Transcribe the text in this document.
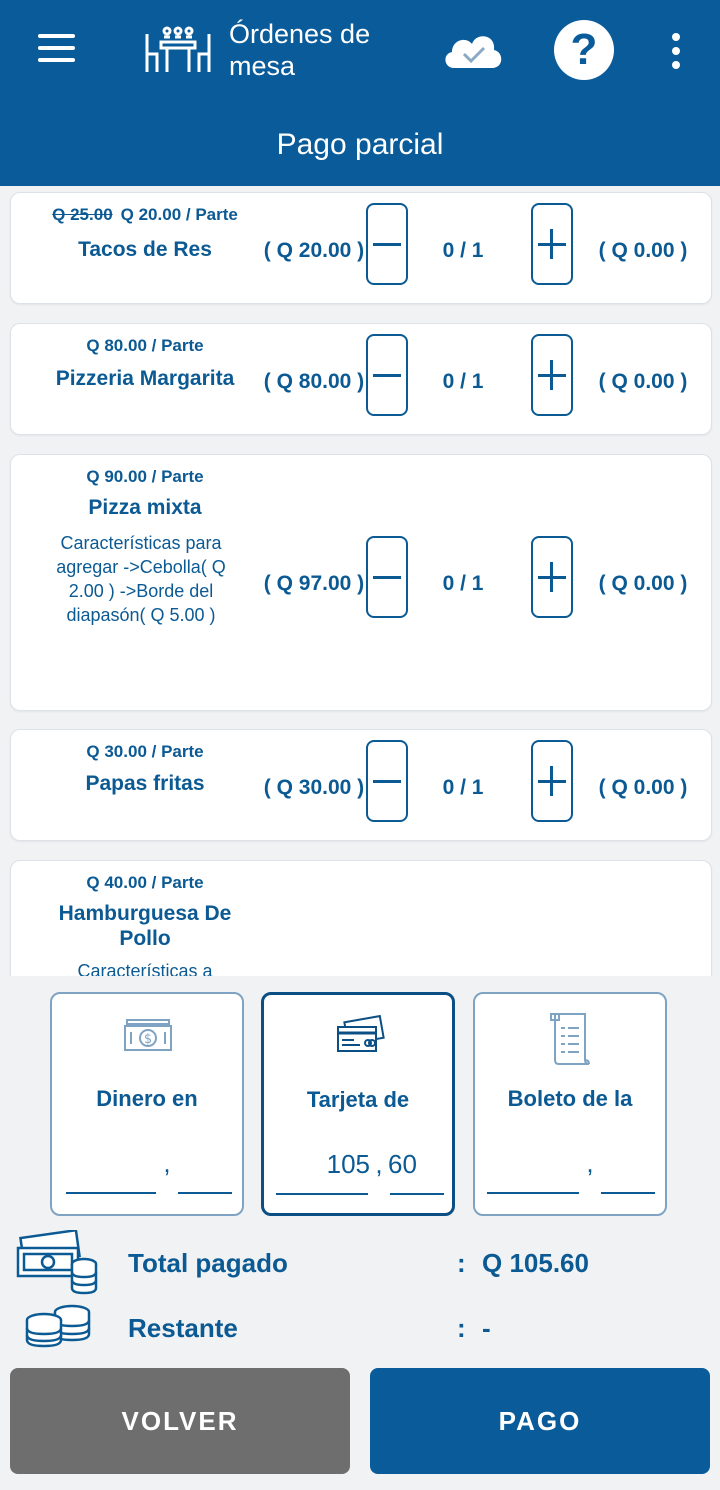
Órdenes de mesa	?
Pago parcial
Q 25.00 Q 20.00 / Parte
Tacos de Res	( Q 20.00 )	0 / 1	( Q 0.00 )
Q 80.00 / Parte
Pizzeria Margarita	( Q 80.00 )	0 / 1	( Q 0.00 )
Q 90.00 / Parte
Pizza mixta
Características para agregar ->Cebolla( Q 2.00 ) ->Borde del diapasón( Q 5.00 )
( Q 97.00 )	0 / 1	( Q 0.00 )
Q 30.00 / Parte
Papas fritas	( Q 30.00 )	0 / 1	( Q 0.00 )
Q 40.00 / Parte
Hamburguesa De Pollo
Características a
$
Dinero en
,
Tarjeta de
105 , 60
Boleto de la
,
Total pagado	: Q 105.60
Restante	: -
VOLVER	PAGO
